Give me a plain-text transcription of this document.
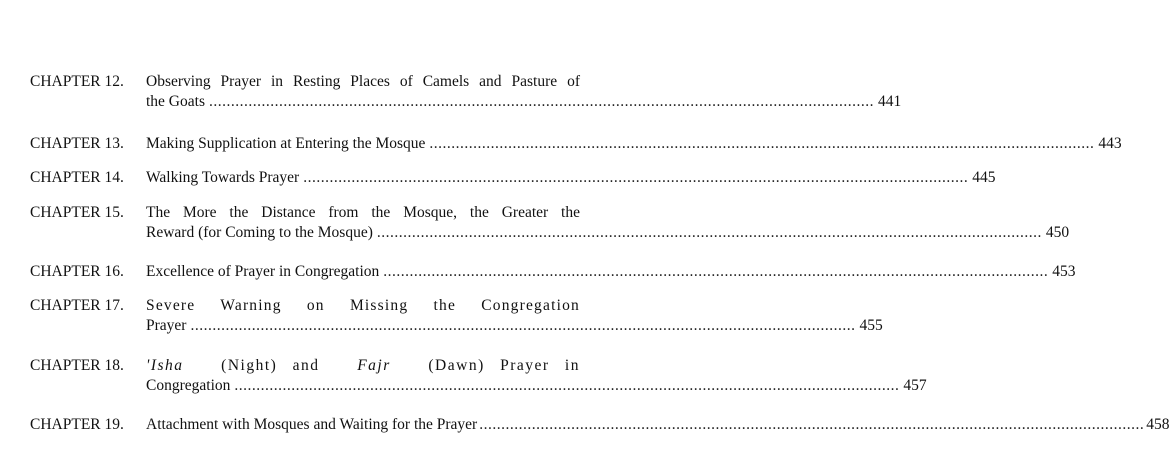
CHAPTER 12. Observing Prayer in Resting Places of Camels and Pasture of
the Goats ........................................................................................................................................................ 441
CHAPTER 13. Making Supplication at Entering the Mosque ........................................................................................................................................................ 443
CHAPTER 14. Walking Towards Prayer ........................................................................................................................................................ 445
CHAPTER 15. The More the Distance from the Mosque, the Greater the
Reward (for Coming to the Mosque) ........................................................................................................................................................ 450
CHAPTER 16. Excellence of Prayer in Congregation ........................................................................................................................................................ 453
CHAPTER 17. Severe Warning on Missing the Congregation
Prayer ........................................................................................................................................................ 455
CHAPTER 18. 'Isha (Night) and Fajr (Dawn) Prayer in
Congregation ........................................................................................................................................................ 457
CHAPTER 19. Attachment with Mosques and Waiting for the Prayer ........................................................................................................................................................ 458
